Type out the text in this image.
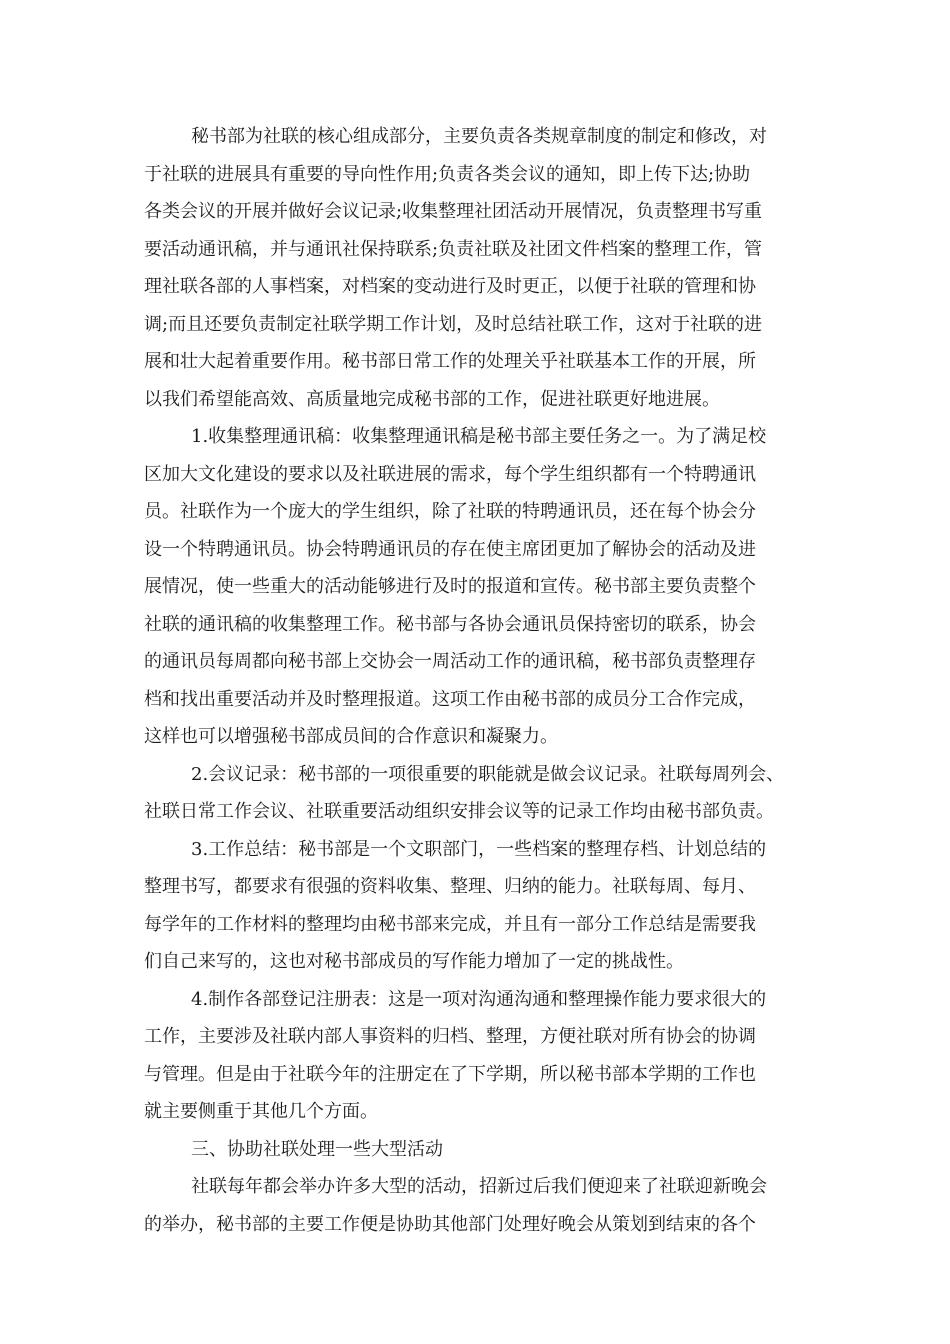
秘书部为社联的核心组成部分，主要负责各类规章制度的制定和修改，对
于社联的进展具有重要的导向性作用;负责各类会议的通知，即上传下达;协助
各类会议的开展并做好会议记录;收集整理社团活动开展情况，负责整理书写重
要活动通讯稿，并与通讯社保持联系;负责社联及社团文件档案的整理工作，管
理社联各部的人事档案，对档案的变动进行及时更正，以便于社联的管理和协
调;而且还要负责制定社联学期工作计划，及时总结社联工作，这对于社联的进
展和壮大起着重要作用。秘书部日常工作的处理关乎社联基本工作的开展，所
以我们希望能高效、高质量地完成秘书部的工作，促进社联更好地进展。
1.收集整理通讯稿：收集整理通讯稿是秘书部主要任务之一。为了满足校
区加大文化建设的要求以及社联进展的需求，每个学生组织都有一个特聘通讯
员。社联作为一个庞大的学生组织，除了社联的特聘通讯员，还在每个协会分
设一个特聘通讯员。协会特聘通讯员的存在使主席团更加了解协会的活动及进
展情况，使一些重大的活动能够进行及时的报道和宣传。秘书部主要负责整个
社联的通讯稿的收集整理工作。秘书部与各协会通讯员保持密切的联系，协会
的通讯员每周都向秘书部上交协会一周活动工作的通讯稿，秘书部负责整理存
档和找出重要活动并及时整理报道。这项工作由秘书部的成员分工合作完成，
这样也可以增强秘书部成员间的合作意识和凝聚力。
2.会议记录：秘书部的一项很重要的职能就是做会议记录。社联每周列会、
社联日常工作会议、社联重要活动组织安排会议等的记录工作均由秘书部负责。
3.工作总结：秘书部是一个文职部门，一些档案的整理存档、计划总结的
整理书写，都要求有很强的资料收集、整理、归纳的能力。社联每周、每月、
每学年的工作材料的整理均由秘书部来完成，并且有一部分工作总结是需要我
们自己来写的，这也对秘书部成员的写作能力增加了一定的挑战性。
4.制作各部登记注册表：这是一项对沟通沟通和整理操作能力要求很大的
工作，主要涉及社联内部人事资料的归档、整理，方便社联对所有协会的协调
与管理。但是由于社联今年的注册定在了下学期，所以秘书部本学期的工作也
就主要侧重于其他几个方面。
三、协助社联处理一些大型活动
社联每年都会举办许多大型的活动，招新过后我们便迎来了社联迎新晚会
的举办，秘书部的主要工作便是协助其他部门处理好晚会从策划到结束的各个
